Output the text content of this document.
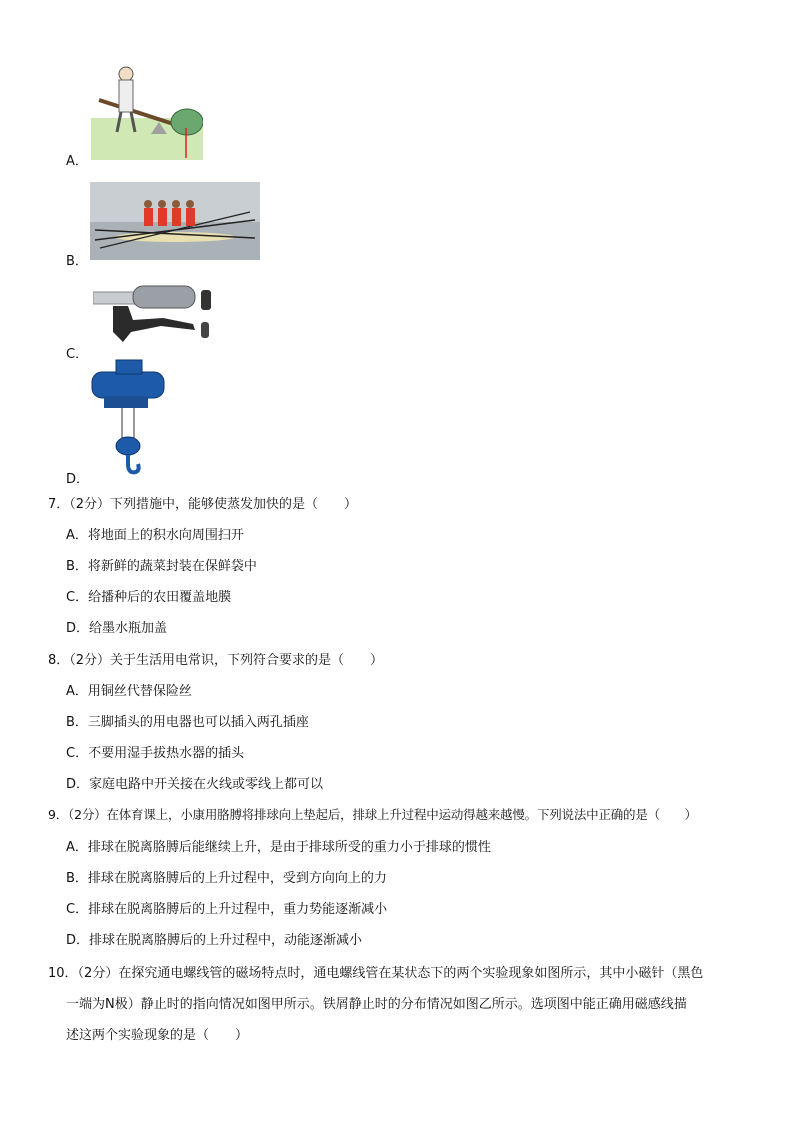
A．
B．
C．
D．
7．（2分）下列措施中，能够使蒸发加快的是（　　）
A．将地面上的积水向周围扫开
B．将新鲜的蔬菜封装在保鲜袋中
C．给播种后的农田覆盖地膜
D．给墨水瓶加盖
8．（2分）关于生活用电常识，下列符合要求的是（　　）
A．用铜丝代替保险丝
B．三脚插头的用电器也可以插入两孔插座
C．不要用湿手拔热水器的插头
D．家庭电路中开关接在火线或零线上都可以
9．（2分）在体育课上，小康用胳膊将排球向上垫起后，排球上升过程中运动得越来越慢。下列说法中正确的是（　　）
A．排球在脱离胳膊后能继续上升，是由于排球所受的重力小于排球的惯性
B．排球在脱离胳膊后的上升过程中，受到方向向上的力
C．排球在脱离胳膊后的上升过程中，重力势能逐渐减小
D．排球在脱离胳膊后的上升过程中，动能逐渐减小
10．（2分）在探究通电螺线管的磁场特点时，通电螺线管在某状态下的两个实验现象如图所示，其中小磁针（黑色
一端为N极）静止时的指向情况如图甲所示。铁屑静止时的分布情况如图乙所示。选项图中能正确用磁感线描
述这两个实验现象的是（　　）
